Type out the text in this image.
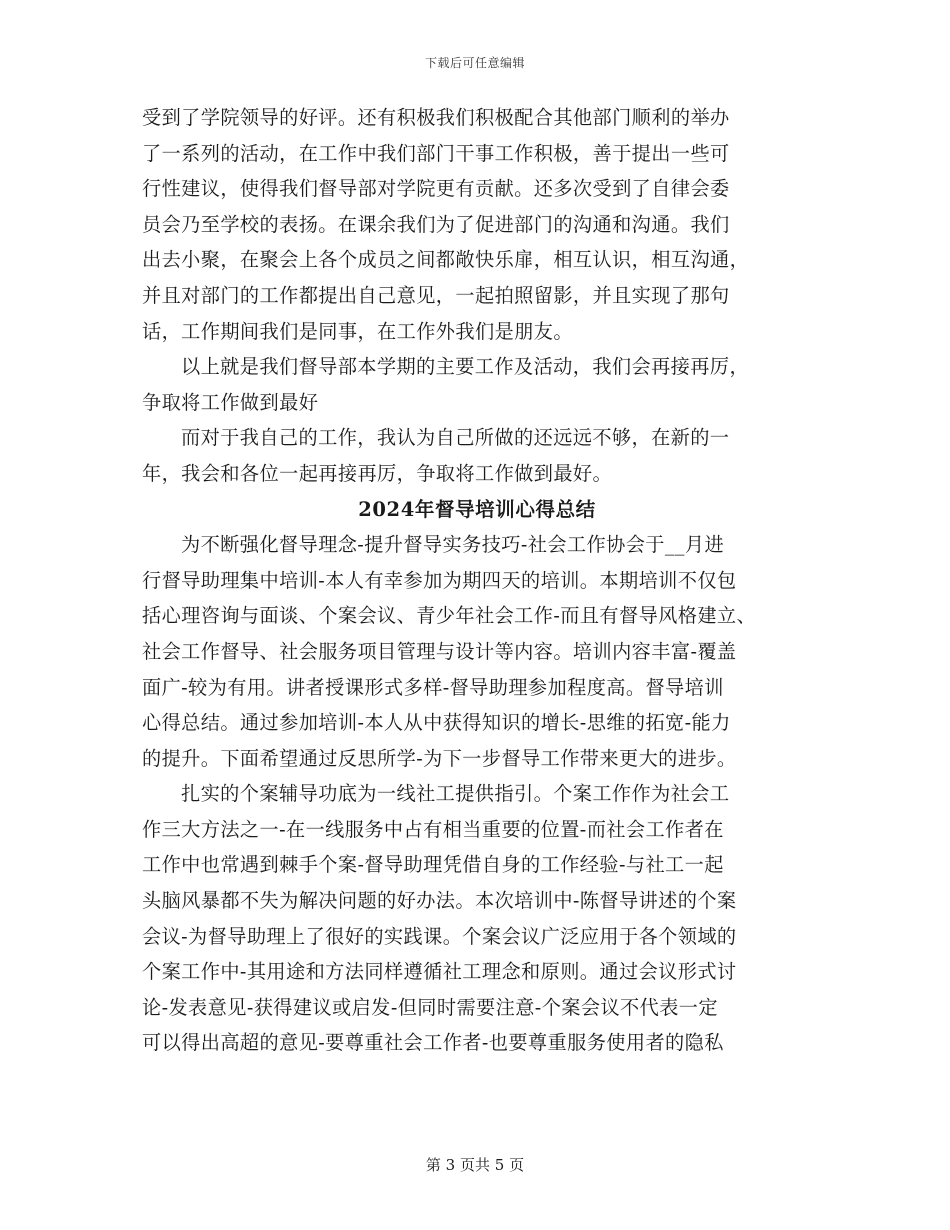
下载后可任意编辑
受到了学院领导的好评。还有积极我们积极配合其他部门顺利的举办
了一系列的活动，在工作中我们部门干事工作积极，善于提出一些可
行性建议，使得我们督导部对学院更有贡献。还多次受到了自律会委
员会乃至学校的表扬。在课余我们为了促进部门的沟通和沟通。我们
出去小聚，在聚会上各个成员之间都敞快乐扉，相互认识，相互沟通，
并且对部门的工作都提出自己意见，一起拍照留影，并且实现了那句
话，工作期间我们是同事，在工作外我们是朋友。
以上就是我们督导部本学期的主要工作及活动，我们会再接再厉，
争取将工作做到最好
而对于我自己的工作，我认为自己所做的还远远不够，在新的一
年，我会和各位一起再接再厉，争取将工作做到最好。
2024年督导培训心得总结
为不断强化督导理念-提升督导实务技巧-社会工作协会于__月进
行督导助理集中培训-本人有幸参加为期四天的培训。本期培训不仅包
括心理咨询与面谈、个案会议、青少年社会工作-而且有督导风格建立、
社会工作督导、社会服务项目管理与设计等内容。培训内容丰富-覆盖
面广-较为有用。讲者授课形式多样-督导助理参加程度高。督导培训
心得总结。通过参加培训-本人从中获得知识的增长-思维的拓宽-能力
的提升。下面希望通过反思所学-为下一步督导工作带来更大的进步。
扎实的个案辅导功底为一线社工提供指引。个案工作作为社会工
作三大方法之一-在一线服务中占有相当重要的位置-而社会工作者在
工作中也常遇到棘手个案-督导助理凭借自身的工作经验-与社工一起
头脑风暴都不失为解决问题的好办法。本次培训中-陈督导讲述的个案
会议-为督导助理上了很好的实践课。个案会议广泛应用于各个领域的
个案工作中-其用途和方法同样遵循社工理念和原则。通过会议形式讨
论-发表意见-获得建议或启发-但同时需要注意-个案会议不代表一定
可以得出高超的意见-要尊重社会工作者-也要尊重服务使用者的隐私
第 3 页共 5 页
